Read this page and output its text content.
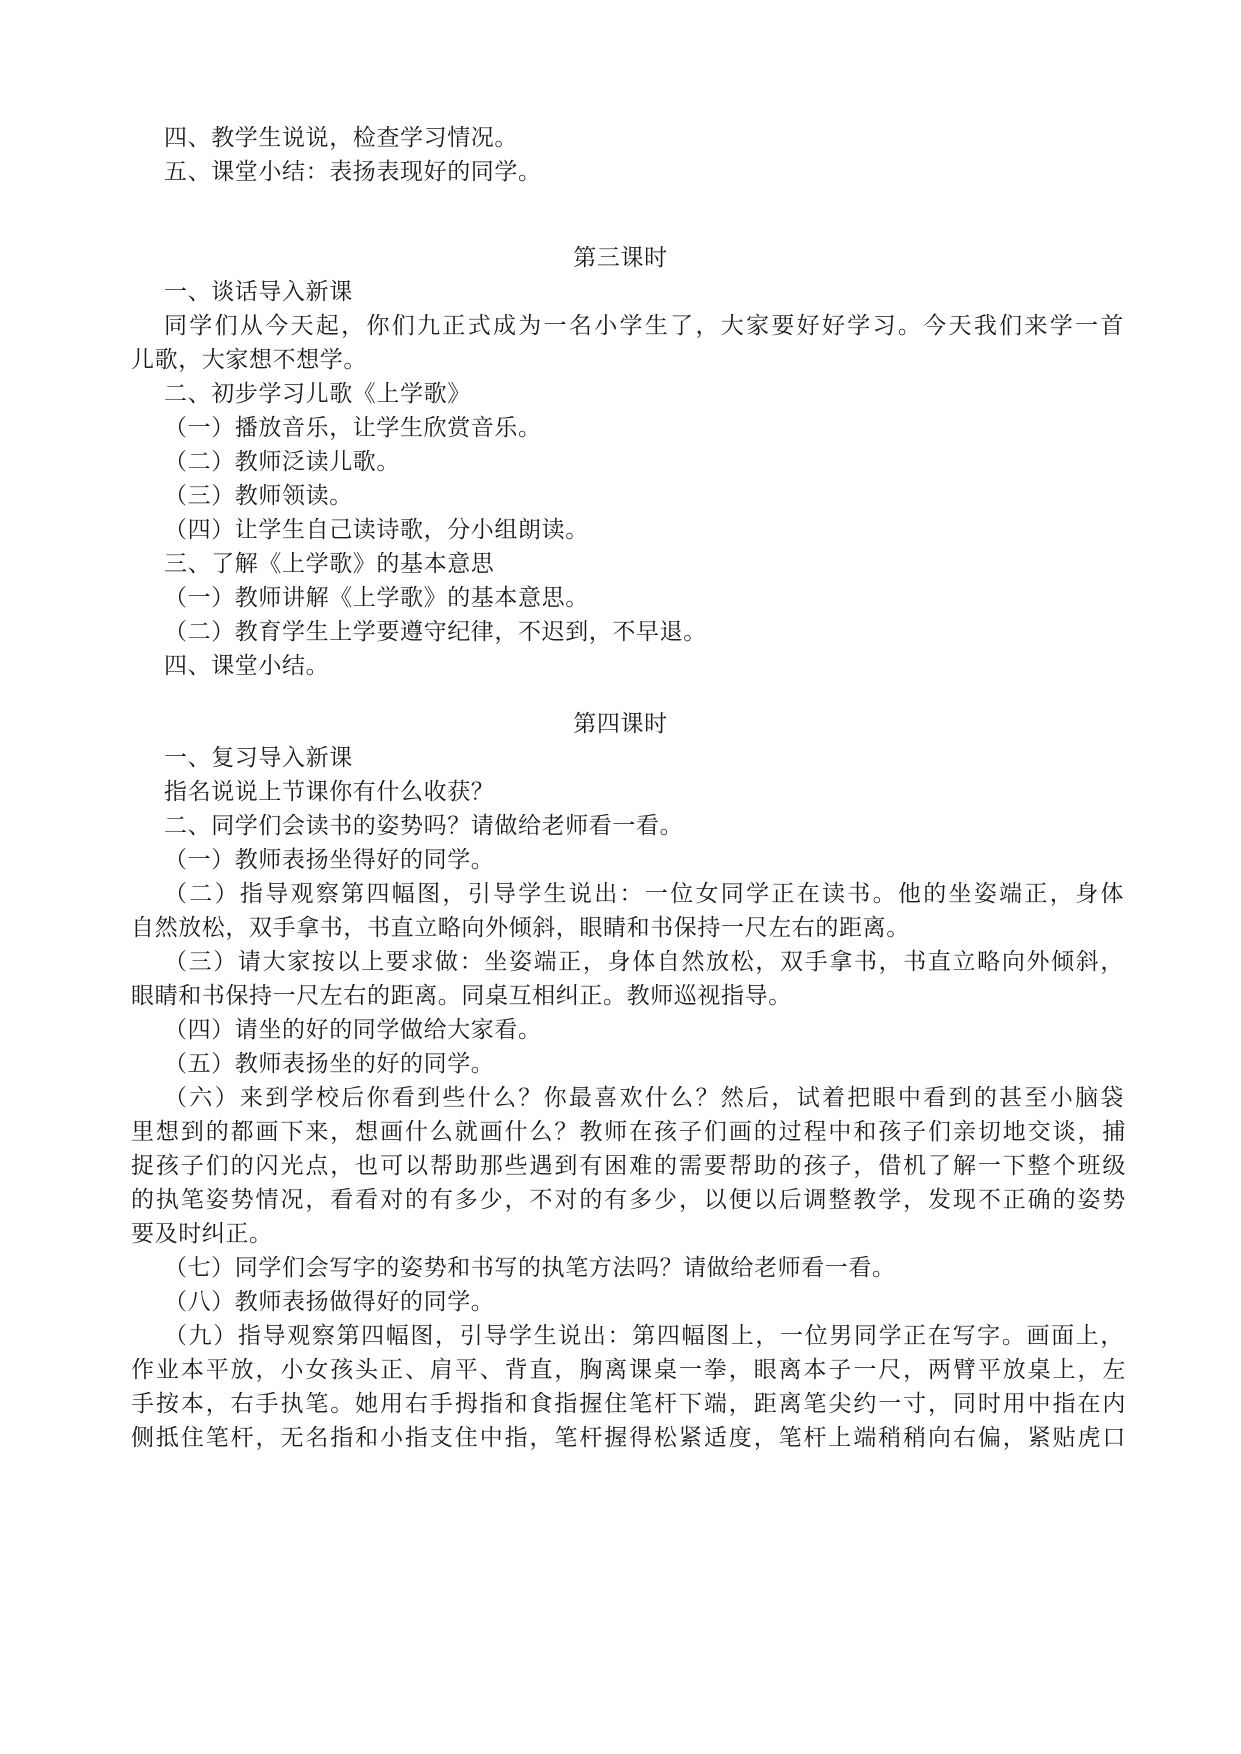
四、教学生说说，检查学习情况。
五、课堂小结：表扬表现好的同学。
第三课时
一、谈话导入新课
同学们从今天起，你们九正式成为一名小学生了，大家要好好学习。今天我们来学一首
儿歌，大家想不想学。
二、初步学习儿歌《上学歌》
（一）播放音乐，让学生欣赏音乐。
（二）教师泛读儿歌。
（三）教师领读。
（四）让学生自己读诗歌，分小组朗读。
三、了解《上学歌》的基本意思
（一）教师讲解《上学歌》的基本意思。
（二）教育学生上学要遵守纪律，不迟到，不早退。
四、课堂小结。
第四课时
一、复习导入新课
指名说说上节课你有什么收获？
二、同学们会读书的姿势吗？请做给老师看一看。
（一）教师表扬坐得好的同学。
（二）指导观察第四幅图，引导学生说出：一位女同学正在读书。他的坐姿端正，身体
自然放松，双手拿书，书直立略向外倾斜，眼睛和书保持一尺左右的距离。
（三）请大家按以上要求做：坐姿端正，身体自然放松，双手拿书，书直立略向外倾斜，
眼睛和书保持一尺左右的距离。同桌互相纠正。教师巡视指导。
（四）请坐的好的同学做给大家看。
（五）教师表扬坐的好的同学。
（六）来到学校后你看到些什么？你最喜欢什么？然后，试着把眼中看到的甚至小脑袋
里想到的都画下来，想画什么就画什么？教师在孩子们画的过程中和孩子们亲切地交谈，捕
捉孩子们的闪光点，也可以帮助那些遇到有困难的需要帮助的孩子，借机了解一下整个班级
的执笔姿势情况，看看对的有多少，不对的有多少，以便以后调整教学，发现不正确的姿势
要及时纠正。
（七）同学们会写字的姿势和书写的执笔方法吗？请做给老师看一看。
（八）教师表扬做得好的同学。
（九）指导观察第四幅图，引导学生说出：第四幅图上，一位男同学正在写字。画面上，
作业本平放，小女孩头正、肩平、背直，胸离课桌一拳，眼离本子一尺，两臂平放桌上，左
手按本，右手执笔。她用右手拇指和食指握住笔杆下端，距离笔尖约一寸，同时用中指在内
侧抵住笔杆，无名指和小指支住中指，笔杆握得松紧适度，笔杆上端稍稍向右偏，紧贴虎口
